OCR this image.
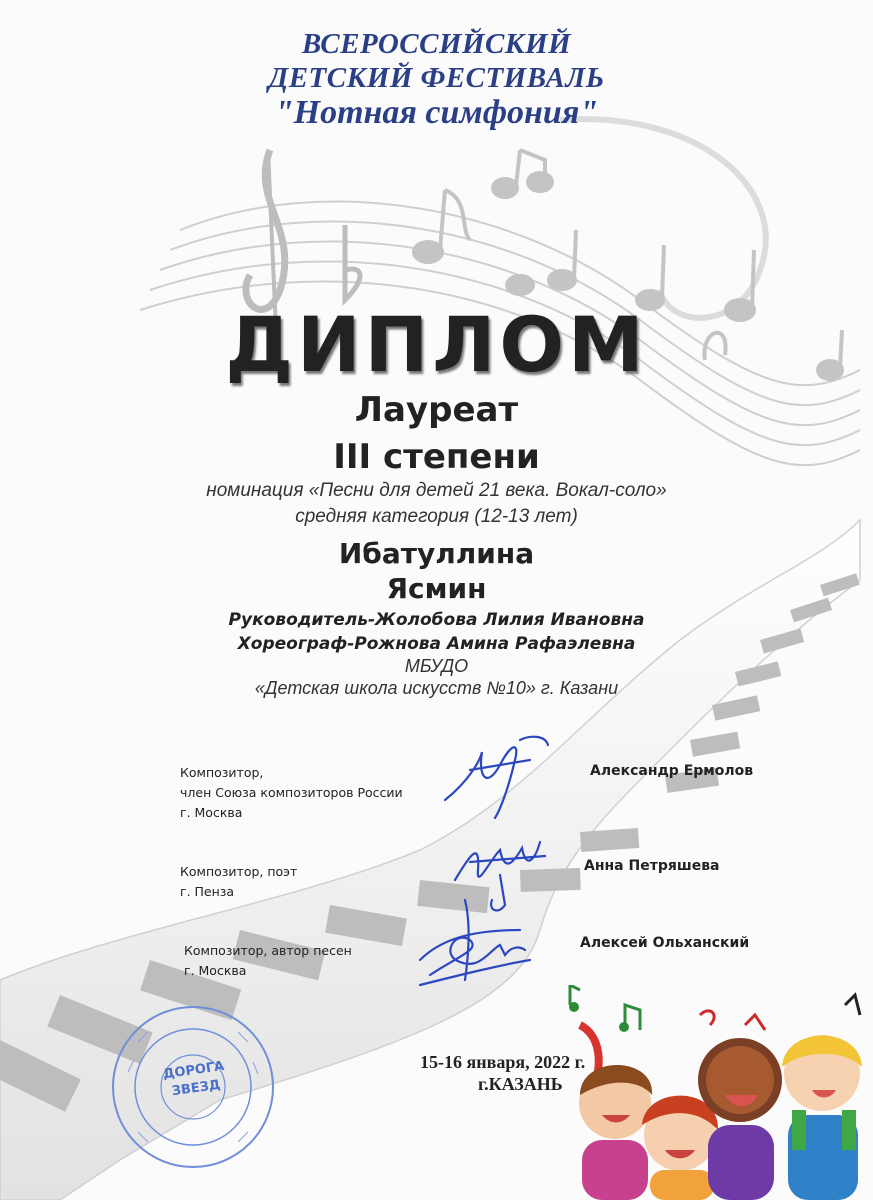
ВСЕРОССИЙСКИЙ
ДЕТСКИЙ ФЕСТИВАЛЬ
"Нотная симфония"
ДИПЛОМ
Лауреат
III степени
номинация «Песни для детей 21 века. Вокал-соло»
средняя категория (12-13 лет)
Ибатуллина
Ясмин
Руководитель-Жолобова Лилия Ивановна
Хореограф-Рожнова Амина Рафаэлевна
МБУДО
«Детская школа искусств №10» г. Казани
Композитор,
член Союза композиторов России
г. Москва
Александр Ермолов
Композитор, поэт
г. Пенза
Анна Петряшева
Композитор, автор песен
г. Москва
Алексей Ольханский
ДОРОГА
ЗВЕЗД
15-16 января, 2022 г.
г.КАЗАНЬ
